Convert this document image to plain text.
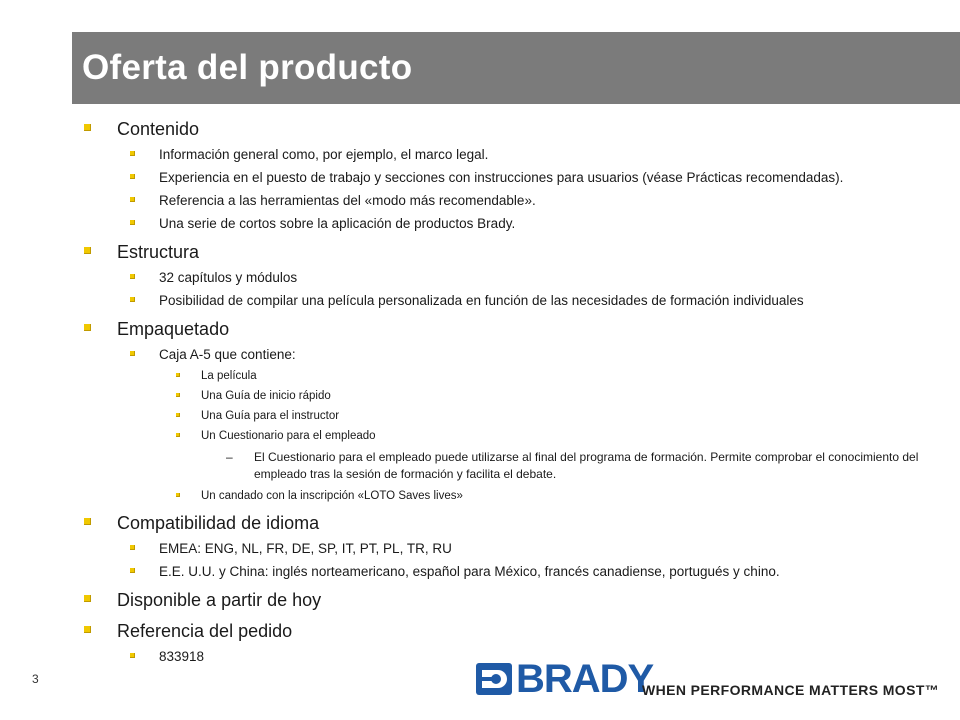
Oferta del producto
Contenido
Información general como, por ejemplo, el marco legal.
Experiencia en el puesto de trabajo y secciones con instrucciones para usuarios (véase Prácticas recomendadas).
Referencia a las herramientas del «modo más recomendable».
Una serie de cortos sobre la aplicación de productos Brady.
Estructura
32 capítulos y módulos
Posibilidad de compilar una película personalizada en función de las necesidades de formación individuales
Empaquetado
Caja A-5 que contiene:
La película
Una Guía de inicio rápido
Una Guía para el instructor
Un Cuestionario para el empleado
– El Cuestionario para el empleado puede utilizarse al final del programa de formación. Permite comprobar el conocimiento del empleado tras la sesión de formación y facilita el debate.
Un candado con la inscripción «LOTO Saves lives»
Compatibilidad de idioma
EMEA: ENG, NL, FR, DE, SP, IT, PT, PL, TR, RU
E.E. U.U. y China: inglés norteamericano, español para México, francés canadiense, portugués y chino.
Disponible a partir de hoy
Referencia del pedido
833918
3	BRADY
WHEN PERFORMANCE MATTERS MOST™
